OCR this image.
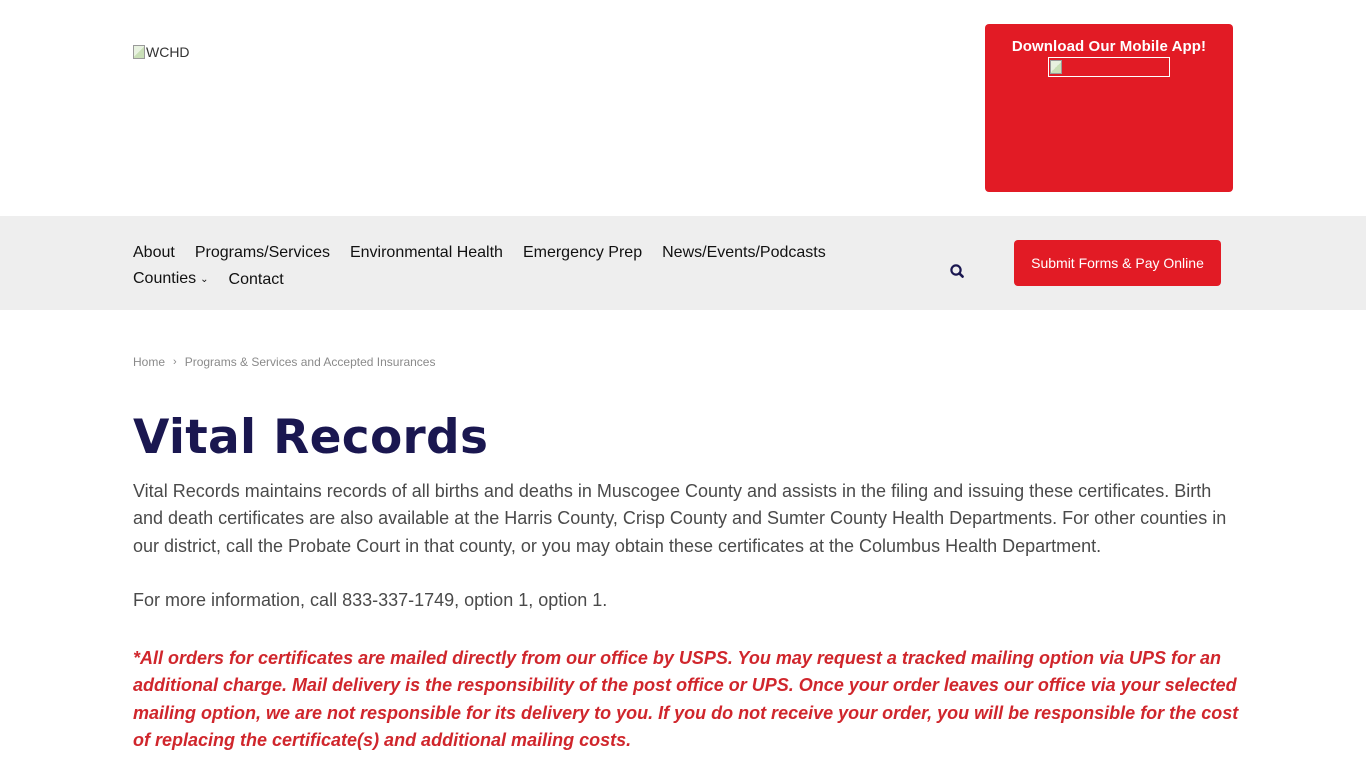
WCHD	Download Our Mobile App!
About Programs/Services Environmental Health Emergency Prep News/Events/Podcasts
Counties ⌄ Contact
Submit Forms & Pay Online
Home › Programs & Services and Accepted Insurances
Vital Records

Vital Records maintains records of all births and deaths in Muscogee County and assists in the filing and issuing these certificates. Birth and death certificates are also available at the Harris County, Crisp County and Sumter County Health Departments. For other counties in our district, call the Probate Court in that county, or you may obtain these certificates at the Columbus Health Department.

For more information, call 833-337-1749, option 1, option 1.

*All orders for certificates are mailed directly from our office by USPS. You may request a tracked mailing option via UPS for an additional charge. Mail delivery is the responsibility of the post office or UPS. Once your order leaves our office via your selected mailing option, we are not responsible for its delivery to you. If you do not receive your order, you will be responsible for the cost of replacing the certificate(s) and additional mailing costs.
